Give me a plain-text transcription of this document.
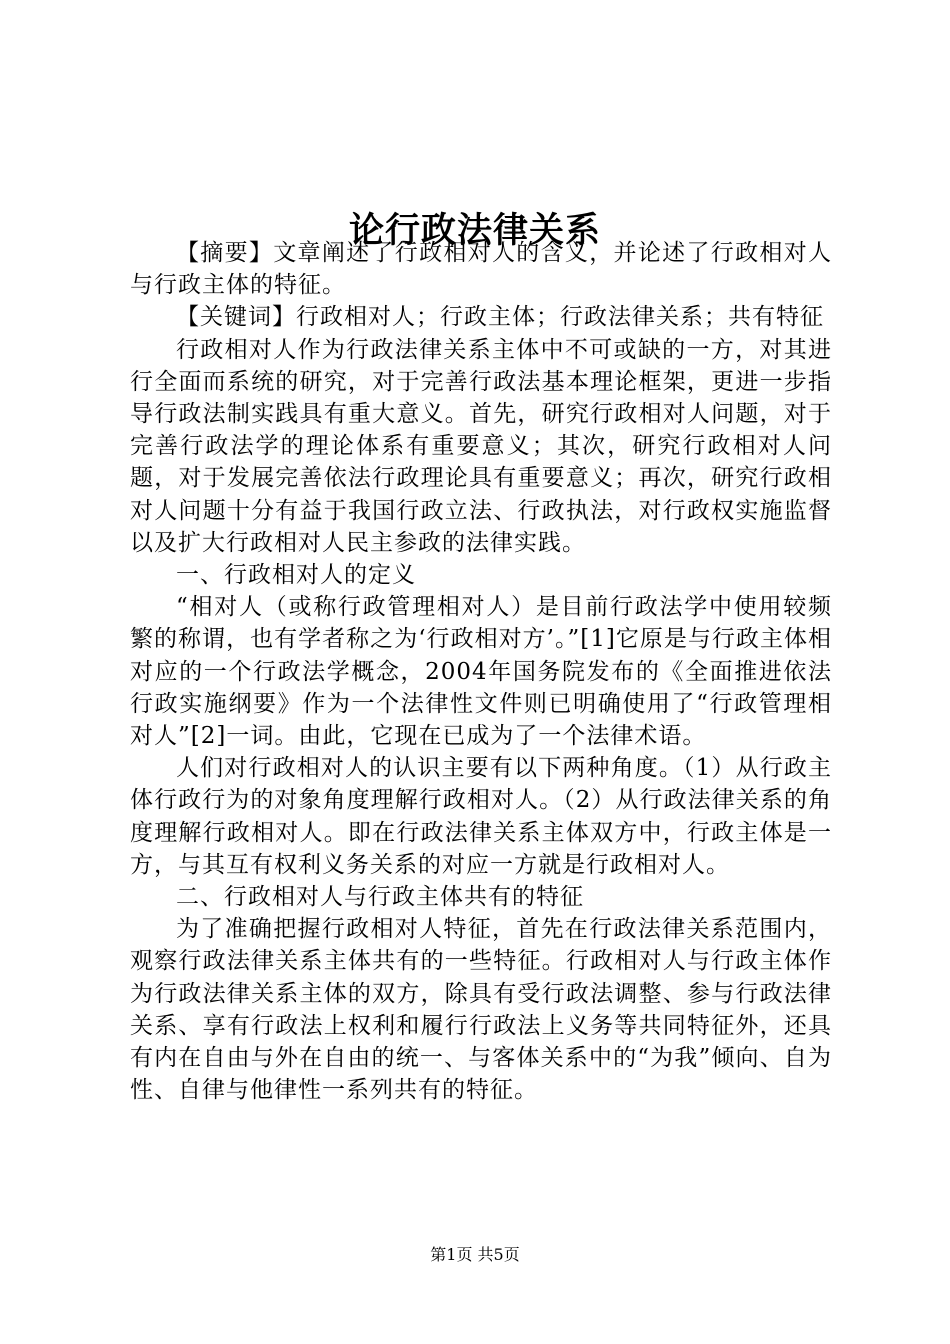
论行政法律关系

【摘要】文章阐述了行政相对人的含义，并论述了行政相对人与行政主体的特征。

【关键词】行政相对人；行政主体；行政法律关系；共有特征

行政相对人作为行政法律关系主体中不可或缺的一方，对其进行全面而系统的研究，对于完善行政法基本理论框架，更进一步指导行政法制实践具有重大意义。首先，研究行政相对人问题，对于完善行政法学的理论体系有重要意义；其次，研究行政相对人问题，对于发展完善依法行政理论具有重要意义；再次，研究行政相对人问题十分有益于我国行政立法、行政执法，对行政权实施监督以及扩大行政相对人民主参政的法律实践。

一、行政相对人的定义

“相对人（或称行政管理相对人）是目前行政法学中使用较频繁的称谓，也有学者称之为‘行政相对方’。”[1]它原是与行政主体相对应的一个行政法学概念，2004年国务院发布的《全面推进依法行政实施纲要》作为一个法律性文件则已明确使用了“行政管理相对人”[2]一词。由此，它现在已成为了一个法律术语。

人们对行政相对人的认识主要有以下两种角度。（1）从行政主体行政行为的对象角度理解行政相对人。（2）从行政法律关系的角度理解行政相对人。即在行政法律关系主体双方中，行政主体是一方，与其互有权利义务关系的对应一方就是行政相对人。

二、行政相对人与行政主体共有的特征

为了准确把握行政相对人特征，首先在行政法律关系范围内，观察行政法律关系主体共有的一些特征。行政相对人与行政主体作为行政法律关系主体的双方，除具有受行政法调整、参与行政法律关系、享有行政法上权利和履行行政法上义务等共同特征外，还具有内在自由与外在自由的统一、与客体关系中的“为我”倾向、自为性、自律与他律性一系列共有的特征。

第1页 共5页
